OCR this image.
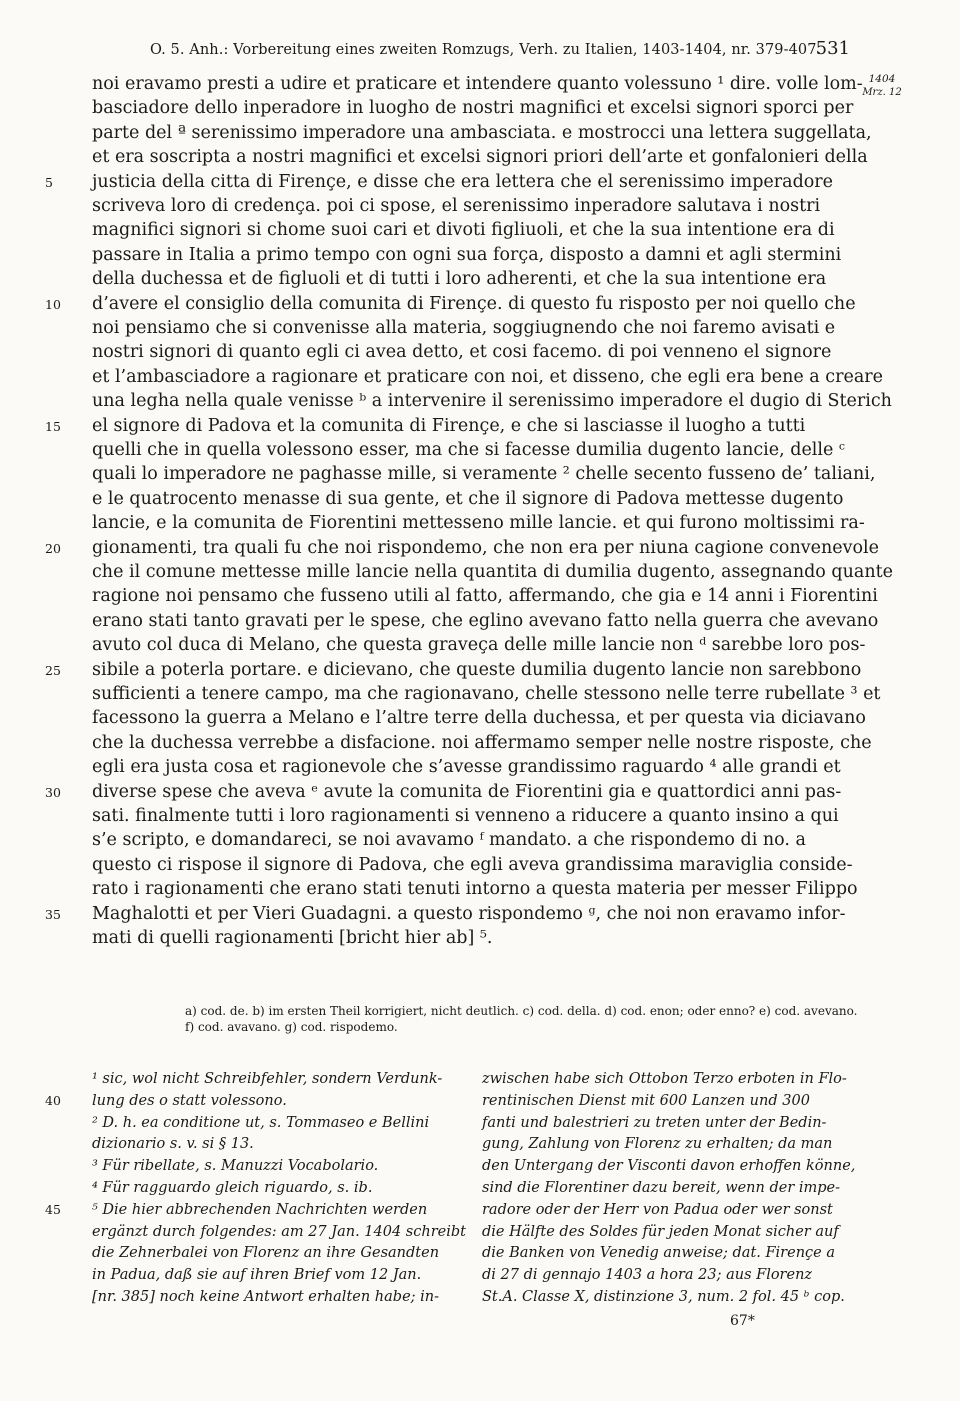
O. 5. Anh.: Vorbereitung eines zweiten Romzugs, Verh. zu Italien, 1403-1404, nr. 379-407.
531
1404
Mrz. 12
noi eravamo presti a udire et praticare et intendere quanto volessuno ¹ dire. volle lom-
basciadore dello inperadore in luogho de nostri magnifici et excelsi signori sporci per
parte del ª serenissimo imperadore una ambasciata. e mostrocci una lettera suggellata,
et era soscripta a nostri magnifici et excelsi signori priori dell’arte et gonfalonieri della
justicia della citta di Firençe, e disse che era lettera che el serenissimo imperadore
5
scriveva loro di credença. poi ci spose, el serenissimo inperadore salutava i nostri
magnifici signori si chome suoi cari et divoti figliuoli, et che la sua intentione era di
passare in Italia a primo tempo con ogni sua força, disposto a damni et agli stermini
della duchessa et de figluoli et di tutti i loro adherenti, et che la sua intentione era
d’avere el consiglio della comunita di Firençe. di questo fu risposto per noi quello che
10
noi pensiamo che si convenisse alla materia, soggiugnendo che noi faremo avisati e
nostri signori di quanto egli ci avea detto, et cosi facemo. di poi venneno el signore
et l’ambasciadore a ragionare et praticare con noi, et disseno, che egli era bene a creare
una legha nella quale venisse ᵇ a intervenire il serenissimo imperadore el dugio di Sterich
el signore di Padova et la comunita di Firençe, e che si lasciasse il luogho a tutti
15
quelli che in quella volessono esser, ma che si facesse dumilia dugento lancie, delle ᶜ
quali lo imperadore ne paghasse mille, si veramente ² chelle secento fusseno de’ taliani,
e le quatrocento menasse di sua gente, et che il signore di Padova mettesse dugento
lancie, e la comunita de Fiorentini mettesseno mille lancie. et qui furono moltissimi ra-
gionamenti, tra quali fu che noi rispondemo, che non era per niuna cagione convenevole
20
che il comune mettesse mille lancie nella quantita di dumilia dugento, assegnando quante
ragione noi pensamo che fusseno utili al fatto, affermando, che gia e 14 anni i Fiorentini
erano stati tanto gravati per le spese, che eglino avevano fatto nella guerra che avevano
avuto col duca di Melano, che questa graveça delle mille lancie non ᵈ sarebbe loro pos-
sibile a poterla portare. e dicievano, che queste dumilia dugento lancie non sarebbono
25
sufficienti a tenere campo, ma che ragionavano, chelle stessono nelle terre rubellate ³ et
facessono la guerra a Melano e l’altre terre della duchessa, et per questa via diciavano
che la duchessa verrebbe a disfacione. noi affermamo semper nelle nostre risposte, che
egli era justa cosa et ragionevole che s’avesse grandissimo raguardo ⁴ alle grandi et
diverse spese che aveva ᵉ avute la comunita de Fiorentini gia e quattordici anni pas-
30
sati. finalmente tutti i loro ragionamenti si venneno a riducere a quanto insino a qui
s’e scripto, e domandareci, se noi avavamo ᶠ mandato. a che rispondemo di no. a
questo ci rispose il signore di Padova, che egli aveva grandissima maraviglia conside-
rato i ragionamenti che erano stati tenuti intorno a questa materia per messer Filippo
Maghalotti et per Vieri Guadagni. a questo rispondemo ᵍ, che noi non eravamo infor-
35
mati di quelli ragionamenti [bricht hier ab] ⁵.
a) cod. de. b) im ersten Theil korrigiert, nicht deutlich. c) cod. della. d) cod. enon; oder enno? e) cod. avevano.
f) cod. avavano. g) cod. rispodemo.
¹ sic, wol nicht Schreibfehler, sondern Verdunk-
lung des o statt volessono.
² D. h. ea conditione ut, s. Tommaseo e Bellini
dizionario s. v. si § 13.
³ Für ribellate, s. Manuzzi Vocabolario.
⁴ Für ragguardo gleich riguardo, s. ib.
⁵ Die hier abbrechenden Nachrichten werden
ergänzt durch folgendes: am 27 Jan. 1404 schreibt
die Zehnerbalei von Florenz an ihre Gesandten
in Padua, daß sie auf ihren Brief vom 12 Jan.
[nr. 385] noch keine Antwort erhalten habe; in-
40
45
zwischen habe sich Ottobon Terzo erboten in Flo-
rentinischen Dienst mit 600 Lanzen und 300
fanti und balestrieri zu treten unter der Bedin-
gung, Zahlung von Florenz zu erhalten; da man
den Untergang der Visconti davon erhoffen könne,
sind die Florentiner dazu bereit, wenn der impe-
radore oder der Herr von Padua oder wer sonst
die Hälfte des Soldes für jeden Monat sicher auf
die Banken von Venedig anweise; dat. Firençe a
di 27 di gennajo 1403 a hora 23; aus Florenz
St.A. Classe X, distinzione 3, num. 2 fol. 45 ᵇ cop.
67*
